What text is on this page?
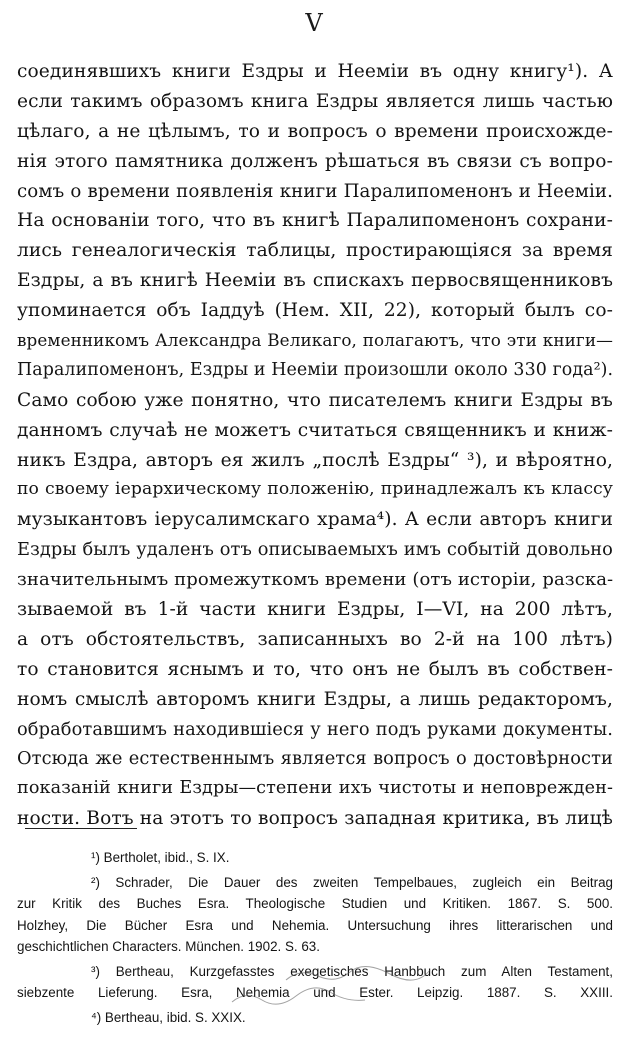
V
соединявшихъ книги Ездры и Неемiи въ одну книгу¹). А
если такимъ образомъ книга Ездры является лишь частью
цѣлаго, а не цѣлымъ, то и вопросъ о времени происхожде-
нiя этого памятника долженъ рѣшаться въ связи съ вопро-
сомъ о времени появленiя книги Паралипоменонъ и Неемiи.
На основанiи того, что въ книгѣ Паралипоменонъ сохрани-
лись генеалогическiя таблицы, простирающiяся за время
Ездры, а въ книгѣ Неемiи въ спискахъ первосвященниковъ
упоминается объ Iаддуѣ (Нем. XII, 22), который былъ со-
временникомъ Александра Великаго, полагаютъ, что эти книги—
Паралипоменонъ, Ездры и Неемiи произошли около 330 года²).
Само собою уже понятно, что писателемъ книги Ездры въ
данномъ случаѣ не можетъ считаться священникъ и книж-
никъ Ездра, авторъ ея жилъ „послѣ Ездры“ ³), и вѣроятно,
по своему iерархическому положенiю, принадлежалъ къ классу
музыкантовъ iерусалимскаго храма⁴). А если авторъ книги
Ездры былъ удаленъ отъ описываемыхъ имъ событiй довольно
значительнымъ промежуткомъ времени (отъ исторiи, разска-
зываемой въ 1-й части книги Ездры, I—VI, на 200 лѣтъ,
а отъ обстоятельствъ, записанныхъ во 2-й на 100 лѣтъ)
то становится яснымъ и то, что онъ не былъ въ собствен-
номъ смыслѣ авторомъ книги Ездры, а лишь редакторомъ,
обработавшимъ находившiеся у него подъ руками документы.
Отсюда же естественнымъ является вопросъ о достовѣрности
показанiй книги Ездры—степени ихъ чистоты и неповрежден-
ности. Вотъ на этотъ то вопросъ западная критика, въ лицѣ
¹) Bertholet, ibid., S. IX.
²) Schrader, Die Dauer des zweiten Tempelbaues, zugleich ein Beitrag
zur Kritik des Buches Esra. Theologische Studien und Kritiken. 1867. S. 500.
Holzhey, Die Bücher Esra und Nehemia. Untersuchung ihres litterarischen und
geschichtlichen Characters. München. 1902. S. 63.
³) Bertheau, Kurzgefasstes exegetisches Hanbbuch zum Alten Testament,
siebzente Lieferung. Esra, Nehemia und Ester. Leipzig. 1887. S. XXIII.
⁴) Bertheau, ibid. S. XXIX.
